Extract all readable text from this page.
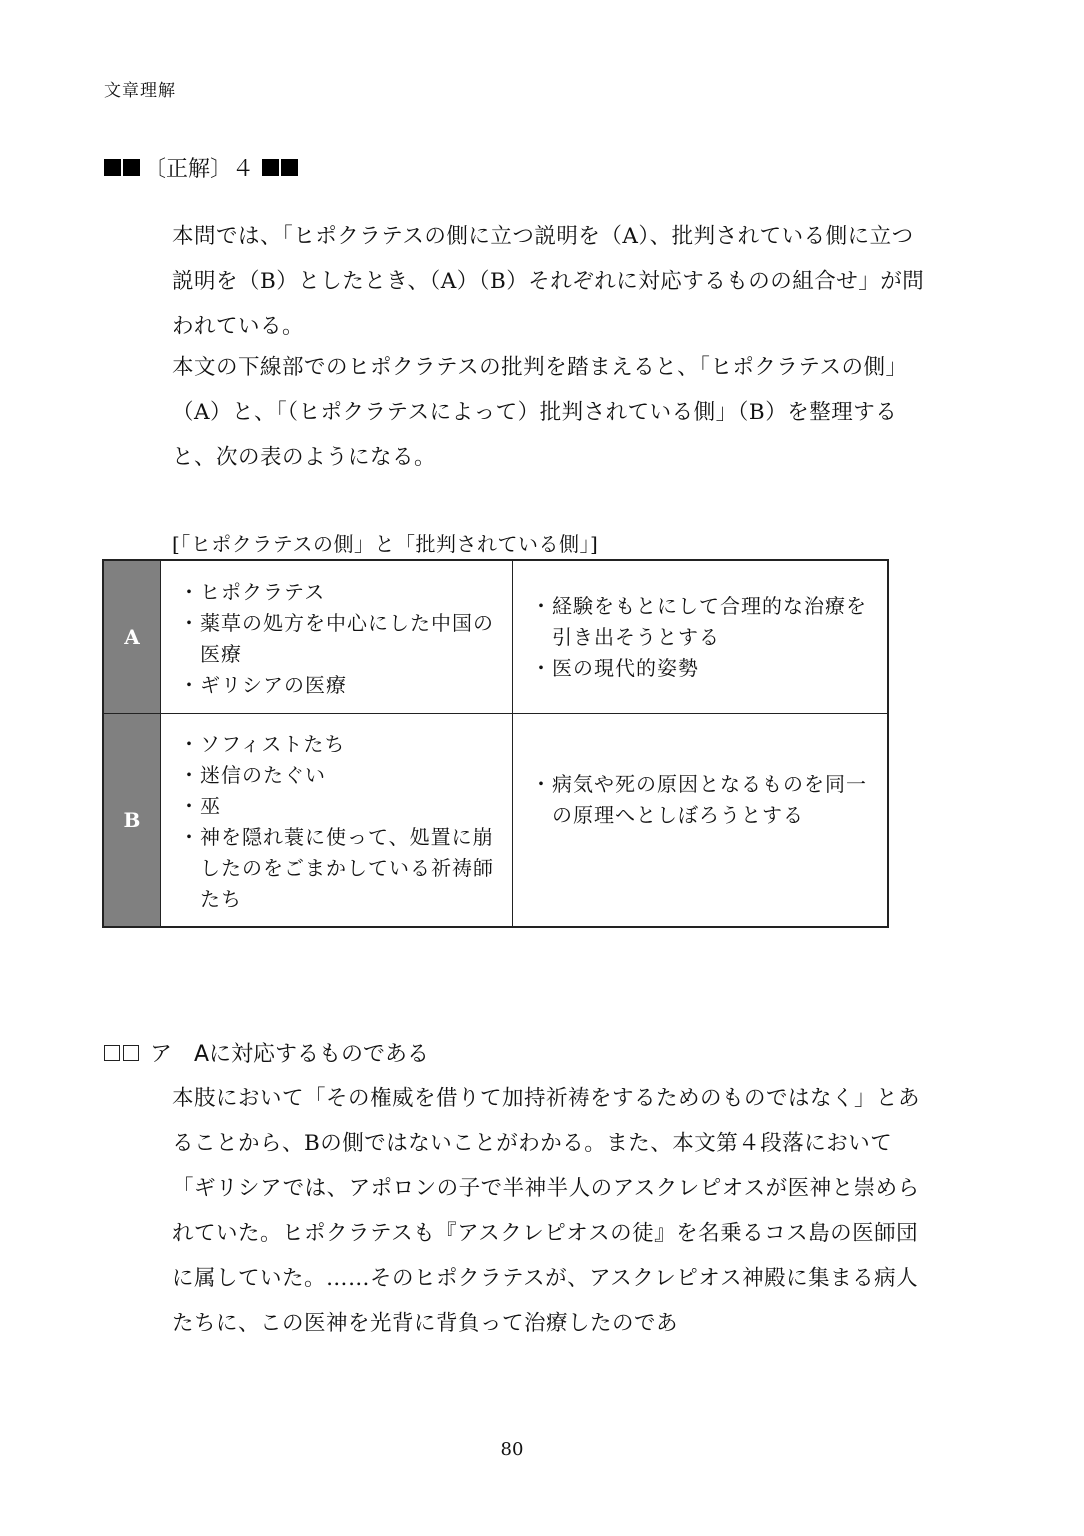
文章理解
〔正解〕４

本問では、「ヒポクラテスの側に立つ説明を（A）、批判されている側に立つ説明を（B）としたとき、（A）（B）それぞれに対応するものの組合せ」が問われている。

本文の下線部でのヒポクラテスの批判を踏まえると、「ヒポクラテスの側」（A）と、「（ヒポクラテスによって）批判されている側」（B）を整理すると、次の表のようになる。

[「ヒポクラテスの側」と「批判されている側」]
A
・ ヒポクラテス
・ 薬草の処方を中心にした中国の医療
・ ギリシアの医療
・ 経験をもとにして合理的な治療を引き出そうとする
・ 医の現代的姿勢
B
・ ソフィストたち
・ 迷信のたぐい
・ 巫
・ 神を隠れ蓑に使って、処置に崩したのをごまかしている祈祷師たち
・ 病気や死の原因となるものを同一の原理へとしぼろうとする
ア　Aに対応するものである

本肢において「その権威を借りて加持祈祷をするためのものではなく」とあることから、Bの側ではないことがわかる。また、本文第４段落において「ギリシアでは、アポロンの子で半神半人のアスクレピオスが医神と崇められていた。ヒポクラテスも『アスクレピオスの徒』を名乗るコス島の医師団に属していた。……そのヒポクラテスが、アスクレピオス神殿に集まる病人たちに、この医神を光背に背負って治療したのであ

80
